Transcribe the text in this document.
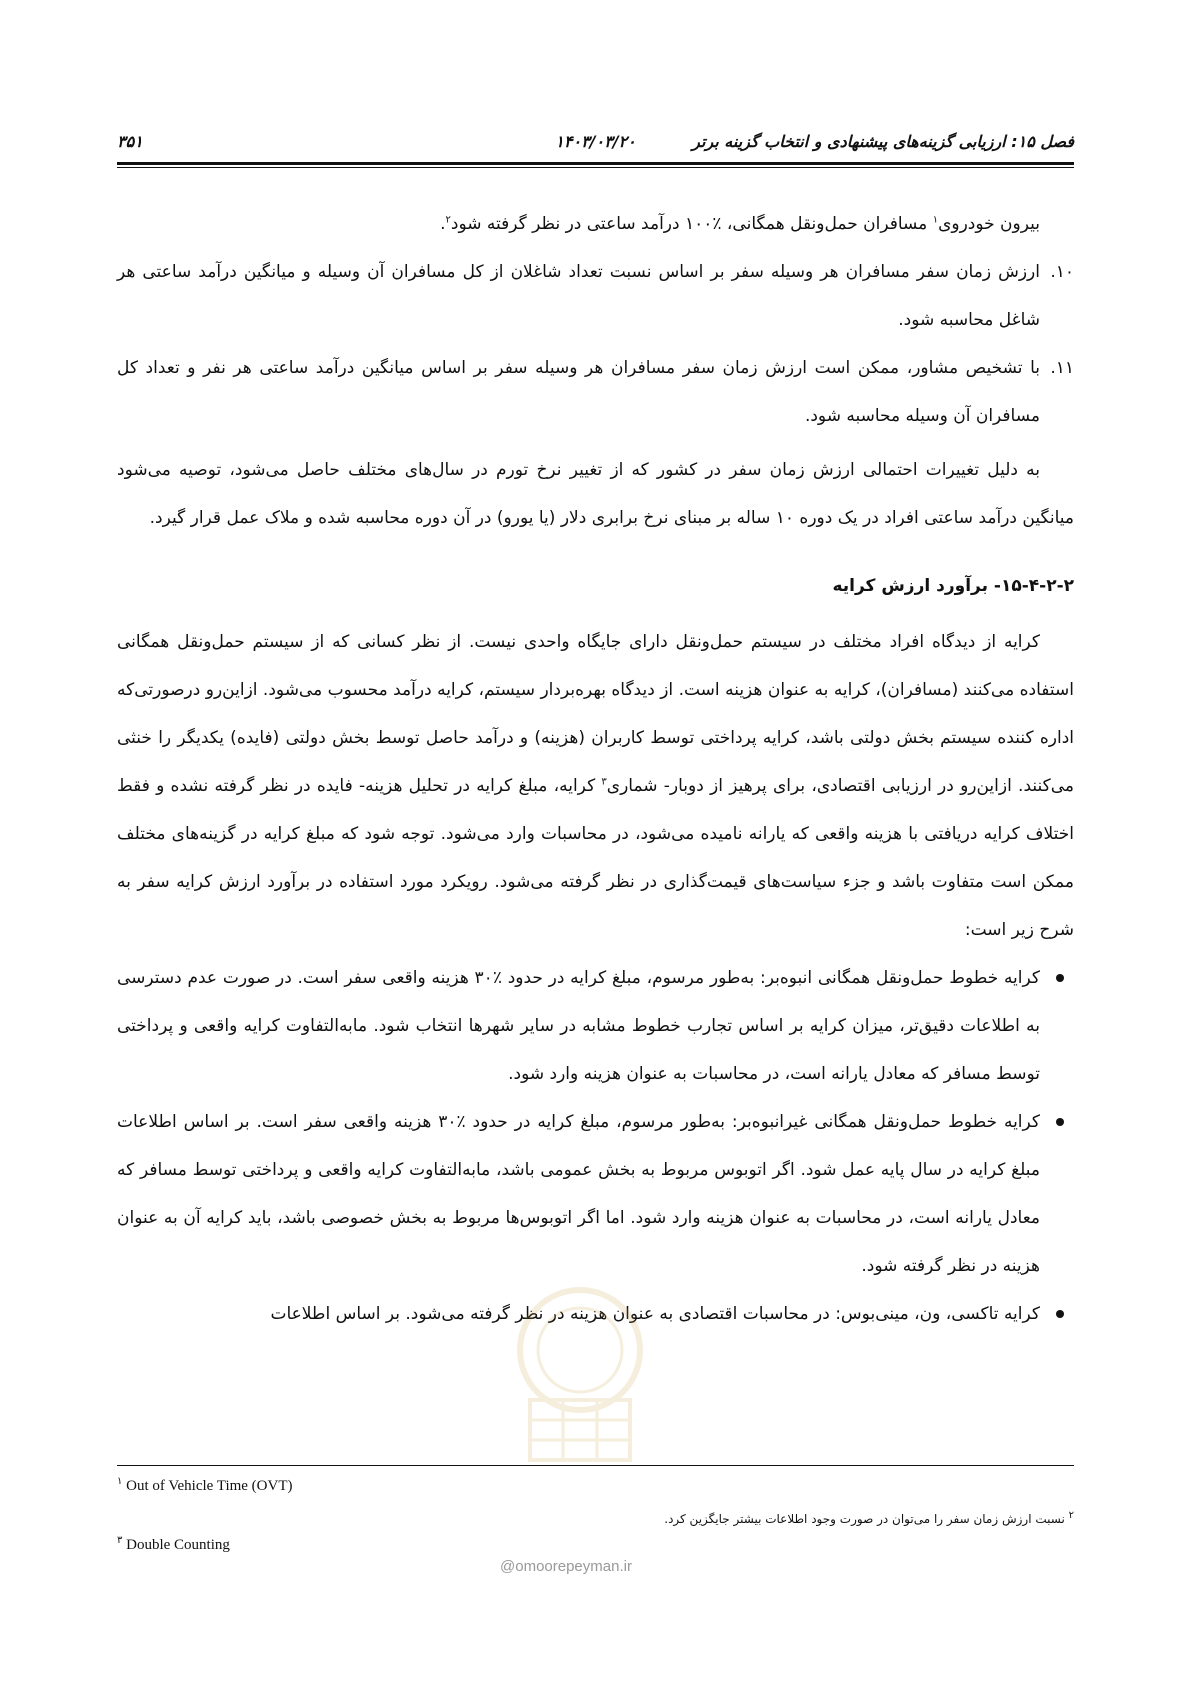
فصل ۱۵: ارزیابی گزینه‌های پیشنهادی و انتخاب گزینه برتر
۱۴۰۳/۰۳/۲۰
۳۵۱

بیرون خودروی$^۱$ مسافران حمل‌ونقل همگانی، ٪۱۰۰ درآمد ساعتی در نظر گرفته شود$^۲$.

۱۰.
ارزش زمان سفر مسافران هر وسیله سفر بر اساس نسبت تعداد شاغلان از کل مسافران آن وسیله و میانگین درآمد ساعتی هر شاغل محاسبه شود.
۱۱.
با تشخیص مشاور، ممکن است ارزش زمان سفر مسافران هر وسیله سفر بر اساس میانگین درآمد ساعتی هر نفر و تعداد کل مسافران آن وسیله محاسبه شود.

به دلیل تغییرات احتمالی ارزش زمان سفر در کشور که از تغییر نرخ تورم در سال‌های مختلف حاصل می‌شود، توصیه می‌شود میانگین درآمد ساعتی افراد در یک دوره ۱۰ ساله بر مبنای نرخ برابری دلار (یا یورو) در آن دوره محاسبه شده و ملاک عمل قرار گیرد.

۱۵-۴-۲-۲- برآورد ارزش کرایه

کرایه از دیدگاه افراد مختلف در سیستم حمل‌ونقل دارای جایگاه واحدی نیست. از نظر کسانی که از سیستم حمل‌ونقل همگانی استفاده می‌کنند (مسافران)، کرایه به عنوان هزینه است. از دیدگاه بهره‌بردار سیستم، کرایه درآمد محسوب می‌شود. ازاین‌رو درصورتی‌که اداره کننده سیستم بخش دولتی باشد، کرایه پرداختی توسط کاربران (هزینه) و درآمد حاصل توسط بخش دولتی (فایده) یکدیگر را خنثی می‌کنند. ازاین‌رو در ارزیابی اقتصادی، برای پرهیز از دوبار- شماری$^۳$ کرایه، مبلغ کرایه در تحلیل هزینه- فایده در نظر گرفته نشده و فقط اختلاف کرایه دریافتی با هزینه واقعی که یارانه نامیده می‌شود، در محاسبات وارد می‌شود. توجه شود که مبلغ کرایه در گزینه‌های مختلف ممکن است متفاوت باشد و جزء سیاست‌های قیمت‌گذاری در نظر گرفته می‌شود. رویکرد مورد استفاده در برآورد ارزش کرایه سفر به شرح زیر است:

کرایه خطوط حمل‌ونقل همگانی انبوه‌بر: به‌طور مرسوم، مبلغ کرایه در حدود ٪۳۰ هزینه واقعی سفر است. در صورت عدم دسترسی به اطلاعات دقیق‌تر، میزان کرایه بر اساس تجارب خطوط مشابه در سایر شهرها انتخاب شود. مابه‌التفاوت کرایه واقعی و پرداختی توسط مسافر که معادل یارانه است، در محاسبات به عنوان هزینه وارد شود.
کرایه خطوط حمل‌ونقل همگانی غیرانبوه‌بر: به‌طور مرسوم، مبلغ کرایه در حدود ٪۳۰ هزینه واقعی سفر است. بر اساس اطلاعات مبلغ کرایه در سال پایه عمل شود. اگر اتوبوس مربوط به بخش عمومی باشد، مابه‌التفاوت کرایه واقعی و پرداختی توسط مسافر که معادل یارانه است، در محاسبات به عنوان هزینه وارد شود. اما اگر اتوبوس‌ها مربوط به بخش خصوصی باشد، باید کرایه آن به عنوان هزینه در نظر گرفته شود.
کرایه تاکسی، ون، مینی‌بوس: در محاسبات اقتصادی به عنوان هزینه در نظر گرفته می‌شود. بر اساس اطلاعات
$^۱$ Out of Vehicle Time (OVT)
$^۲$ نسبت ارزش زمان سفر را می‌توان در صورت وجود اطلاعات بیشتر جایگزین کرد.
$^۳$ Double Counting
@omoorepeyman.ir
